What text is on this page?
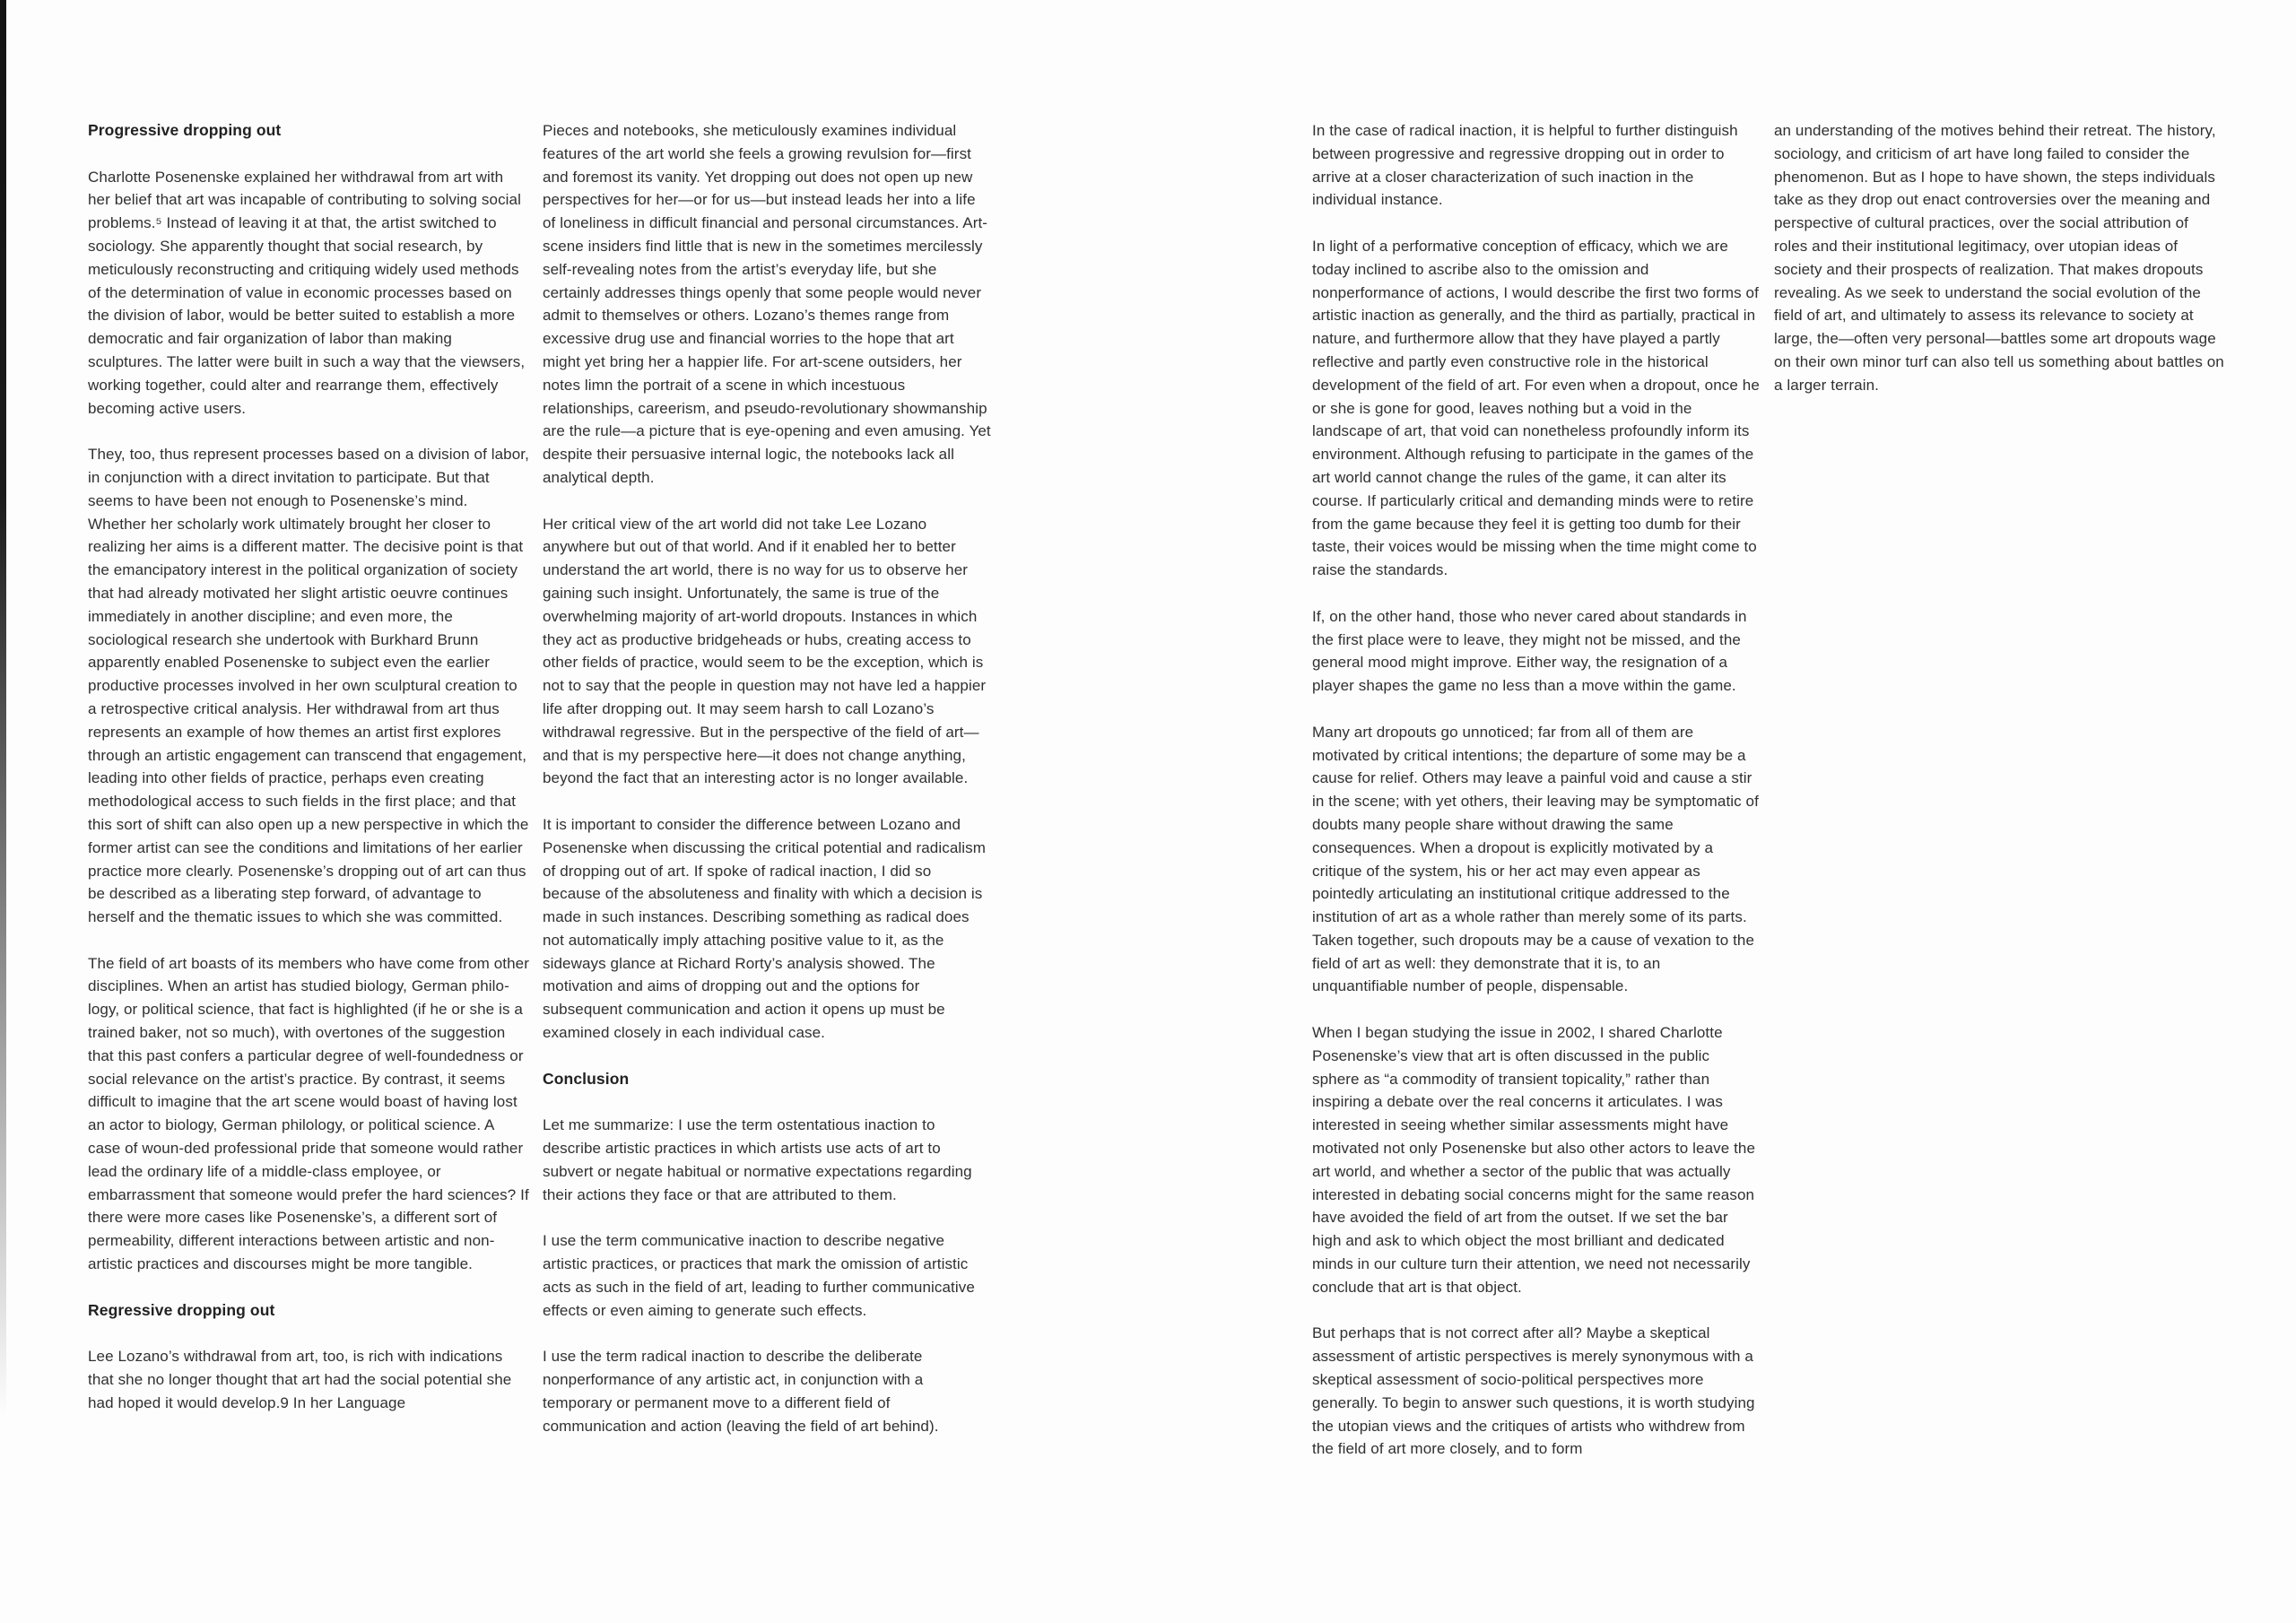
Progressive dropping out

Charlotte Posenenske explained her withdrawal from art with her belief that art was incapable of contributing to solving social problems.⁵ Instead of leaving it at that, the artist switched to sociology. She apparently thought that social research, by meticulously reconstructing and critiquing widely used methods of the determination of value in economic processes based on the division of labor, would be better suited to establish a more democratic and fair organization of labor than making sculptures. The latter were built in such a way that the viewsers, working together, could alter and rearrange them, effectively becoming active users.

They, too, thus represent processes based on a division of labor, in conjunction with a direct invitation to participate. But that seems to have been not enough to Posenenske’s mind. Whether her scholarly work ultimately brought her closer to realizing her aims is a different matter. The decisive point is that the emancipatory interest in the political organization of society that had already motivated her slight artistic oeuvre continues immediately in another discipline; and even more, the sociological research she undertook with Burkhard Brunn apparently enabled Posenenske to subject even the earlier productive processes involved in her own sculptural creation to a retrospective critical analysis. Her withdrawal from art thus represents an example of how themes an artist first explores through an artistic engagement can transcend that engagement, leading into other fields of practice, perhaps even creating methodological access to such fields in the first place; and that this sort of shift can also open up a new perspective in which the former artist can see the conditions and limitations of her earlier practice more clearly. Posenenske’s dropping out of art can thus be described as a liberating step forward, of advantage to herself and the thematic issues to which she was committed.

The field of art boasts of its members who have come from other disciplines. When an artist has studied biology, German philo-logy, or political science, that fact is highlighted (if he or she is a trained baker, not so much), with overtones of the suggestion that this past confers a particular degree of well-foundedness or social relevance on the artist’s practice. By contrast, it seems difficult to imagine that the art scene would boast of having lost an actor to biology, German philology, or political science. A case of woun-ded professional pride that someone would rather lead the ordinary life of a middle-class employee, or embarrassment that someone would prefer the hard sciences? If there were more cases like Posenenske’s, a different sort of permeability, different interactions between artistic and non-artistic practices and discourses might be more tangible.

Regressive dropping out

Lee Lozano’s withdrawal from art, too, is rich with indications that she no longer thought that art had the social potential she had hoped it would develop.9 In her Language

Pieces and notebooks, she meticulously examines individual features of the art world she feels a growing revulsion for—first and foremost its vanity. Yet dropping out does not open up new perspectives for her—or for us—but instead leads her into a life of loneliness in difficult financial and personal circumstances. Art-scene insiders find little that is new in the sometimes mercilessly self-revealing notes from the artist’s everyday life, but she certainly addresses things openly that some people would never admit to themselves or others. Lozano’s themes range from excessive drug use and financial worries to the hope that art might yet bring her a happier life. For art-scene outsiders, her notes limn the portrait of a scene in which incestuous relationships, careerism, and pseudo-revolutionary showmanship are the rule—a picture that is eye-opening and even amusing. Yet despite their persuasive internal logic, the notebooks lack all analytical depth.

Her critical view of the art world did not take Lee Lozano anywhere but out of that world. And if it enabled her to better understand the art world, there is no way for us to observe her gaining such insight. Unfortunately, the same is true of the overwhelming majority of art-world dropouts. Instances in which they act as productive bridgeheads or hubs, creating access to other fields of practice, would seem to be the exception, which is not to say that the people in question may not have led a happier life after dropping out. It may seem harsh to call Lozano’s withdrawal regressive. But in the perspective of the field of art—and that is my perspective here—it does not change anything, beyond the fact that an interesting actor is no longer available.

It is important to consider the difference between Lozano and Posenenske when discussing the critical potential and radicalism of dropping out of art. If spoke of radical inaction, I did so because of the absoluteness and finality with which a decision is made in such instances. Describing something as radical does not automatically imply attaching positive value to it, as the sideways glance at Richard Rorty’s analysis showed. The motivation and aims of dropping out and the options for subsequent communication and action it opens up must be examined closely in each individual case.

Conclusion

Let me summarize: I use the term ostentatious inaction to describe artistic practices in which artists use acts of art to subvert or negate habitual or normative expectations regarding their actions they face or that are attributed to them.

I use the term communicative inaction to describe negative artistic practices, or practices that mark the omission of artistic acts as such in the field of art, leading to further communicative effects or even aiming to generate such effects.

I use the term radical inaction to describe the deliberate nonperformance of any artistic act, in conjunction with a temporary or permanent move to a different field of communication and action (leaving the field of art behind).

In the case of radical inaction, it is helpful to further distinguish between progressive and regressive dropping out in order to arrive at a closer characterization of such inaction in the individual instance.

In light of a performative conception of efficacy, which we are today inclined to ascribe also to the omission and nonperformance of actions, I would describe the first two forms of artistic inaction as generally, and the third as partially, practical in nature, and furthermore allow that they have played a partly reflective and partly even constructive role in the historical development of the field of art. For even when a dropout, once he or she is gone for good, leaves nothing but a void in the landscape of art, that void can nonetheless profoundly inform its environment. Although refusing to participate in the games of the art world cannot change the rules of the game, it can alter its course. If particularly critical and demanding minds were to retire from the game because they feel it is getting too dumb for their taste, their voices would be missing when the time might come to raise the standards.

If, on the other hand, those who never cared about standards in the first place were to leave, they might not be missed, and the general mood might improve. Either way, the resignation of a player shapes the game no less than a move within the game.

Many art dropouts go unnoticed; far from all of them are motivated by critical intentions; the departure of some may be a cause for relief. Others may leave a painful void and cause a stir in the scene; with yet others, their leaving may be symptomatic of doubts many people share without drawing the same consequences. When a dropout is explicitly motivated by a critique of the system, his or her act may even appear as pointedly articulating an institutional critique addressed to the institution of art as a whole rather than merely some of its parts. Taken together, such dropouts may be a cause of vexation to the field of art as well: they demonstrate that it is, to an unquantifiable number of people, dispensable.

When I began studying the issue in 2002, I shared Charlotte Posenenske’s view that art is often discussed in the public sphere as “a commodity of transient topicality,” rather than inspiring a debate over the real concerns it articulates. I was interested in seeing whether similar assessments might have motivated not only Posenenske but also other actors to leave the art world, and whether a sector of the public that was actually interested in debating social concerns might for the same reason have avoided the field of art from the outset. If we set the bar high and ask to which object the most brilliant and dedicated minds in our culture turn their attention, we need not necessarily conclude that art is that object.

But perhaps that is not correct after all? Maybe a skeptical assessment of artistic perspectives is merely synonymous with a skeptical assessment of socio-political perspectives more generally. To begin to answer such questions, it is worth studying the utopian views and the critiques of artists who withdrew from the field of art more closely, and to form

an understanding of the motives behind their retreat. The history, sociology, and criticism of art have long failed to consider the phenomenon. But as I hope to have shown, the steps individuals take as they drop out enact controversies over the meaning and perspective of cultural practices, over the social attribution of roles and their institutional legitimacy, over utopian ideas of society and their prospects of realization. That makes dropouts revealing. As we seek to understand the social evolution of the field of art, and ultimately to assess its relevance to society at large, the—often very personal—battles some art dropouts wage on their own minor turf can also tell us something about battles on a larger terrain.
